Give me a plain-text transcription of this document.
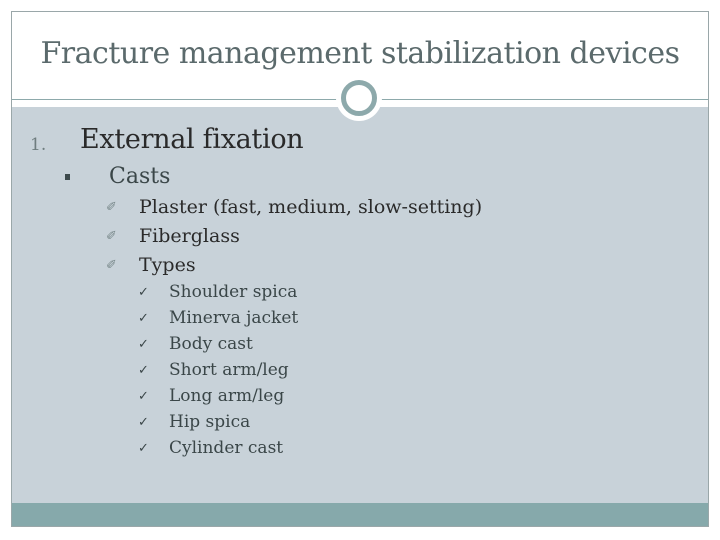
Fracture management stabilization devices
1. External fixation
Casts
✐ Plaster (fast, medium, slow-setting)
✐ Fiberglass
✐ Types
✓ Shoulder spica
✓ Minerva jacket
✓ Body cast
✓ Short arm/leg
✓ Long arm/leg
✓ Hip spica
✓ Cylinder cast
